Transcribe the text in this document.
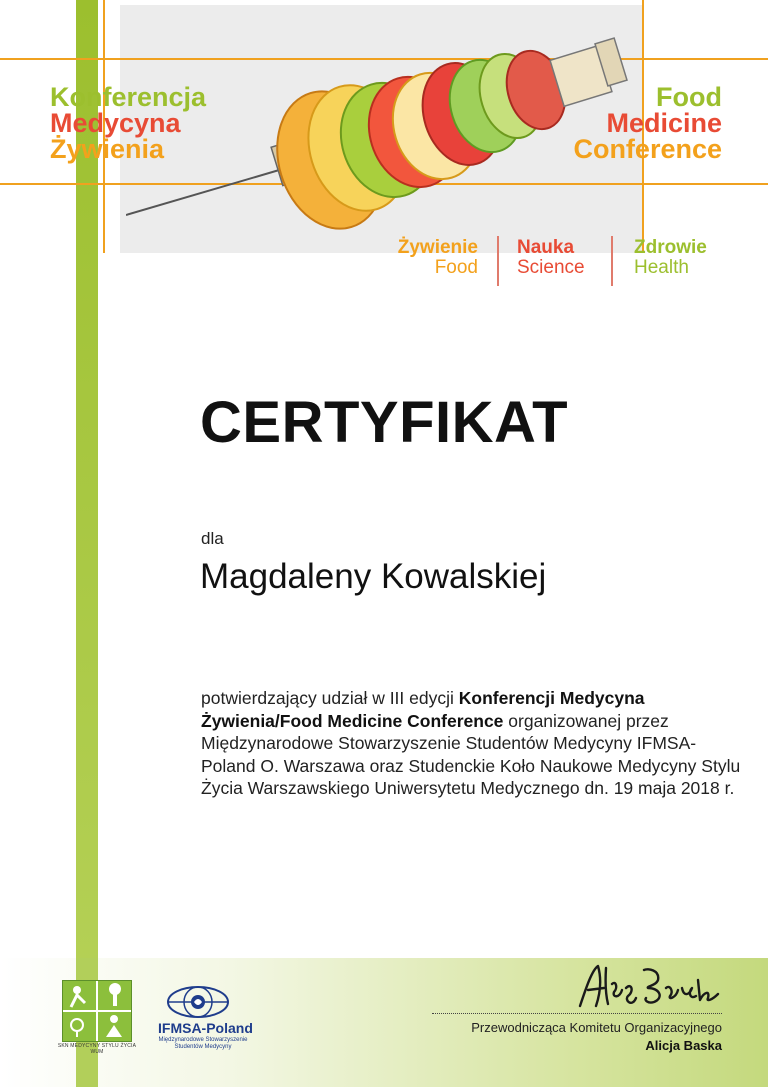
Konferencja
Medycyna
Żywienia
Food
Medicine
Conference
Żywienie
Food
Nauka
Science
Zdrowie
Health
CERTYFIKAT
dla
Magdaleny Kowalskiej
potwierdzający udział w III edycji Konferencji Medycyna Żywienia/Food Medicine Conference organizowanej przez Międzynarodowe Stowarzyszenie Studentów Medycyny IFMSA-Poland O. Warszawa oraz Studenckie Koło Naukowe Medycyny Stylu Życia Warszawskiego Uniwersytetu Medycznego dn. 19 maja 2018 r.
SKN MEDYCYNY STYLU ŻYCIA WUM
IFMSA-Poland
Międzynarodowe Stowarzyszenie Studentów Medycyny
Przewodnicząca Komitetu Organizacyjnego
Alicja Baska
